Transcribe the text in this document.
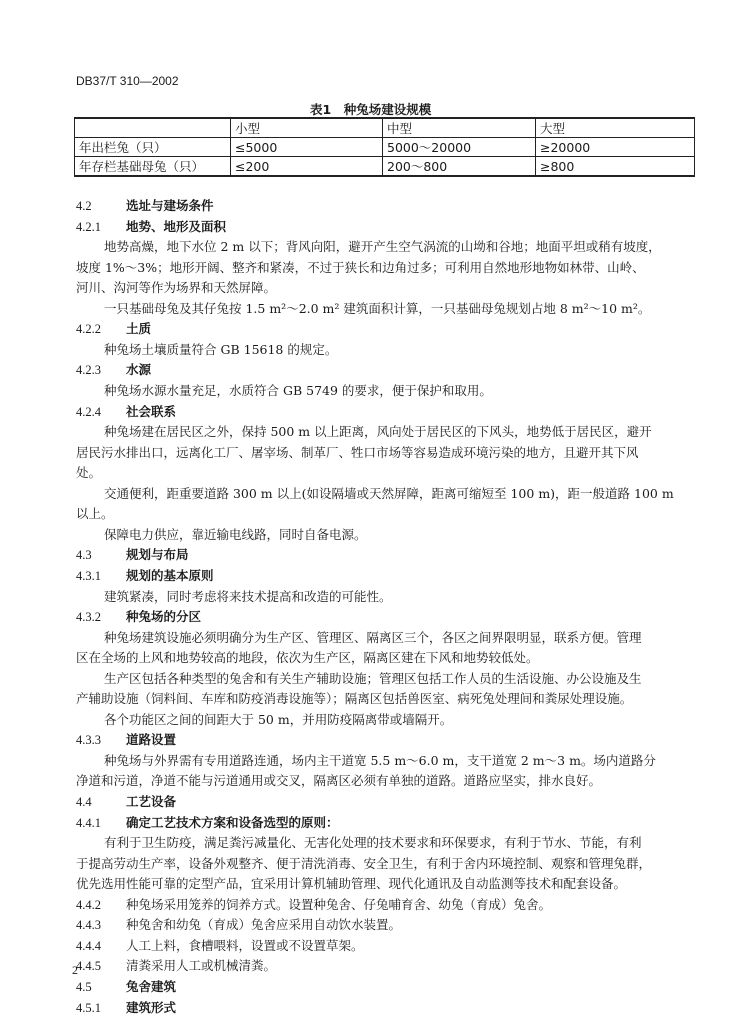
DB37/T 310—2002
表1　种兔场建设规模
	小型	中型	大型
年出栏兔（只）	≤5000	5000～20000	≥20000
年存栏基础母兔（只）	≤200	200～800	≥800
4.2	选址与建场条件
4.2.1 地势、地形及面积
地势高燥，地下水位 2 m 以下；背风向阳，避开产生空气涡流的山坳和谷地；地面平坦或稍有坡度，
坡度 1%～3%；地形开阔、整齐和紧凑，不过于狭长和边角过多；可利用自然地形地物如林带、山岭、
河川、沟河等作为场界和天然屏障。
一只基础母兔及其仔兔按 1.5 m²～2.0 m² 建筑面积计算，一只基础母兔规划占地 8 m²～10 m²。
4.2.2 土质
种兔场土壤质量符合 GB 15618 的规定。
4.2.3 水源
种兔场水源水量充足，水质符合 GB 5749 的要求，便于保护和取用。
4.2.4 社会联系
种兔场建在居民区之外，保持 500 m 以上距离，风向处于居民区的下风头，地势低于居民区，避开
居民污水排出口，远离化工厂、屠宰场、制革厂、牲口市场等容易造成环境污染的地方，且避开其下风
处。
交通便利，距重要道路 300 m 以上(如设隔墙或天然屏障，距离可缩短至 100 m)，距一般道路 100 m
以上。
保障电力供应，靠近输电线路，同时自备电源。
4.3	规划与布局
4.3.1 规划的基本原则
建筑紧凑，同时考虑将来技术提高和改造的可能性。
4.3.2 种兔场的分区
种兔场建筑设施必须明确分为生产区、管理区、隔离区三个，各区之间界限明显，联系方便。管理
区在全场的上风和地势较高的地段，依次为生产区，隔离区建在下风和地势较低处。
生产区包括各种类型的兔舍和有关生产辅助设施；管理区包括工作人员的生活设施、办公设施及生
产辅助设施（饲料间、车库和防疫消毒设施等）；隔离区包括兽医室、病死兔处理间和粪尿处理设施。
各个功能区之间的间距大于 50 m，并用防疫隔离带或墙隔开。
4.3.3 道路设置
种兔场与外界需有专用道路连通，场内主干道宽 5.5 m～6.0 m，支干道宽 2 m～3 m。场内道路分
净道和污道，净道不能与污道通用或交叉，隔离区必须有单独的道路。道路应坚实，排水良好。
4.4	工艺设备
4.4.1 确定工艺技术方案和设备选型的原则：
有利于卫生防疫，满足粪污减量化、无害化处理的技术要求和环保要求，有利于节水、节能，有利
于提高劳动生产率，设备外观整齐、便于清洗消毒、安全卫生，有利于舍内环境控制、观察和管理兔群，
优先选用性能可靠的定型产品，宜采用计算机辅助管理、现代化通讯及自动监测等技术和配套设备。
4.4.2 种兔场采用笼养的饲养方式。设置种兔舍、仔兔哺育舍、幼兔（育成）兔舍。
4.4.3 种兔舍和幼兔（育成）兔舍应采用自动饮水装置。
4.4.4 人工上料，食槽喂料，设置或不设置草架。
4.4.5 清粪采用人工或机械清粪。
4.5	兔舍建筑
4.5.1 建筑形式
2
